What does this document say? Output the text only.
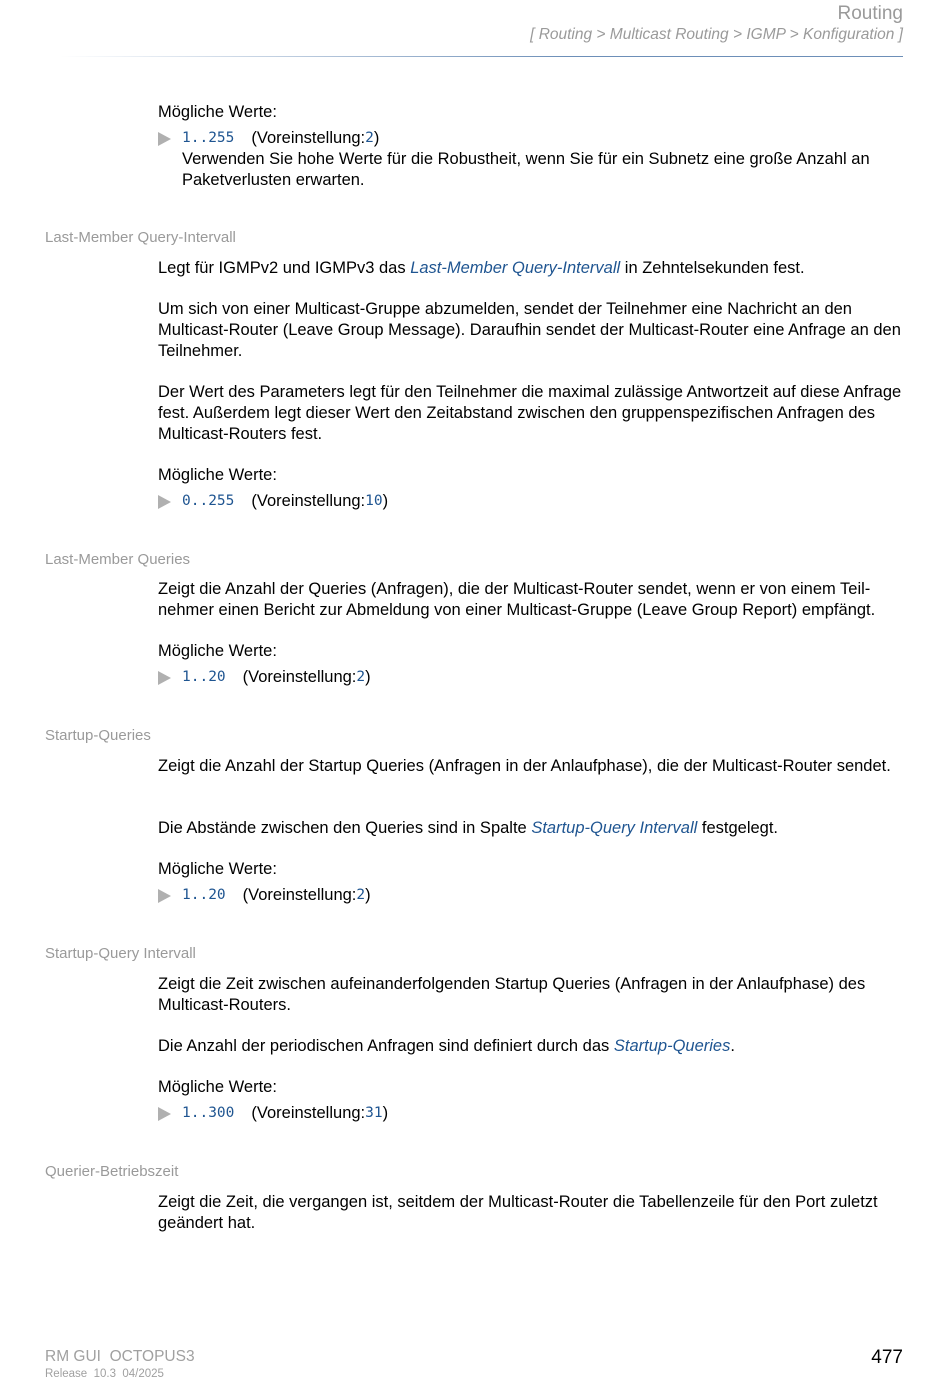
Routing
[ Routing > Multicast Routing > IGMP > Konfiguration ]
Mögliche Werte:
1..255 (Voreinstellung: 2 )
Verwenden Sie hohe Werte für die Robustheit, wenn Sie für ein Subnetz eine große Anzahl an Paketverlusten erwarten.
Last-Member Query-Intervall
Legt für IGMPv2 und IGMPv3 das Last-Member Query-Intervall in Zehntelsekunden fest.
Um sich von einer Multicast-Gruppe abzumelden, sendet der Teilnehmer eine Nachricht an den Multicast-Router (Leave Group Message). Daraufhin sendet der Multicast-Router eine Anfrage an den Teilnehmer.
Der Wert des Parameters legt für den Teilnehmer die maximal zulässige Antwortzeit auf diese Anfrage fest. Außerdem legt dieser Wert den Zeitabstand zwischen den gruppenspezifischen Anfragen des Multicast-Routers fest.
Mögliche Werte:
0..255 (Voreinstellung: 10 )
Last-Member Queries
Zeigt die Anzahl der Queries (Anfragen), die der Multicast-Router sendet, wenn er von einem Teil-nehmer einen Bericht zur Abmeldung von einer Multicast-Gruppe (Leave Group Report) empfängt.
Mögliche Werte:
1..20 (Voreinstellung: 2 )
Startup-Queries
Zeigt die Anzahl der Startup Queries (Anfragen in der Anlaufphase), die der Multicast-Router sendet.
Die Abstände zwischen den Queries sind in Spalte Startup-Query Intervall festgelegt.
Mögliche Werte:
1..20 (Voreinstellung: 2 )
Startup-Query Intervall
Zeigt die Zeit zwischen aufeinanderfolgenden Startup Queries (Anfragen in der Anlaufphase) des Multicast-Routers.
Die Anzahl der periodischen Anfragen sind definiert durch das Startup-Queries.
Mögliche Werte:
1..300 (Voreinstellung: 31 )
Querier-Betriebszeit
Zeigt die Zeit, die vergangen ist, seitdem der Multicast-Router die Tabellenzeile für den Port zuletzt geändert hat.
RM GUI  OCTOPUS3
Release  10.3  04/2025
477
